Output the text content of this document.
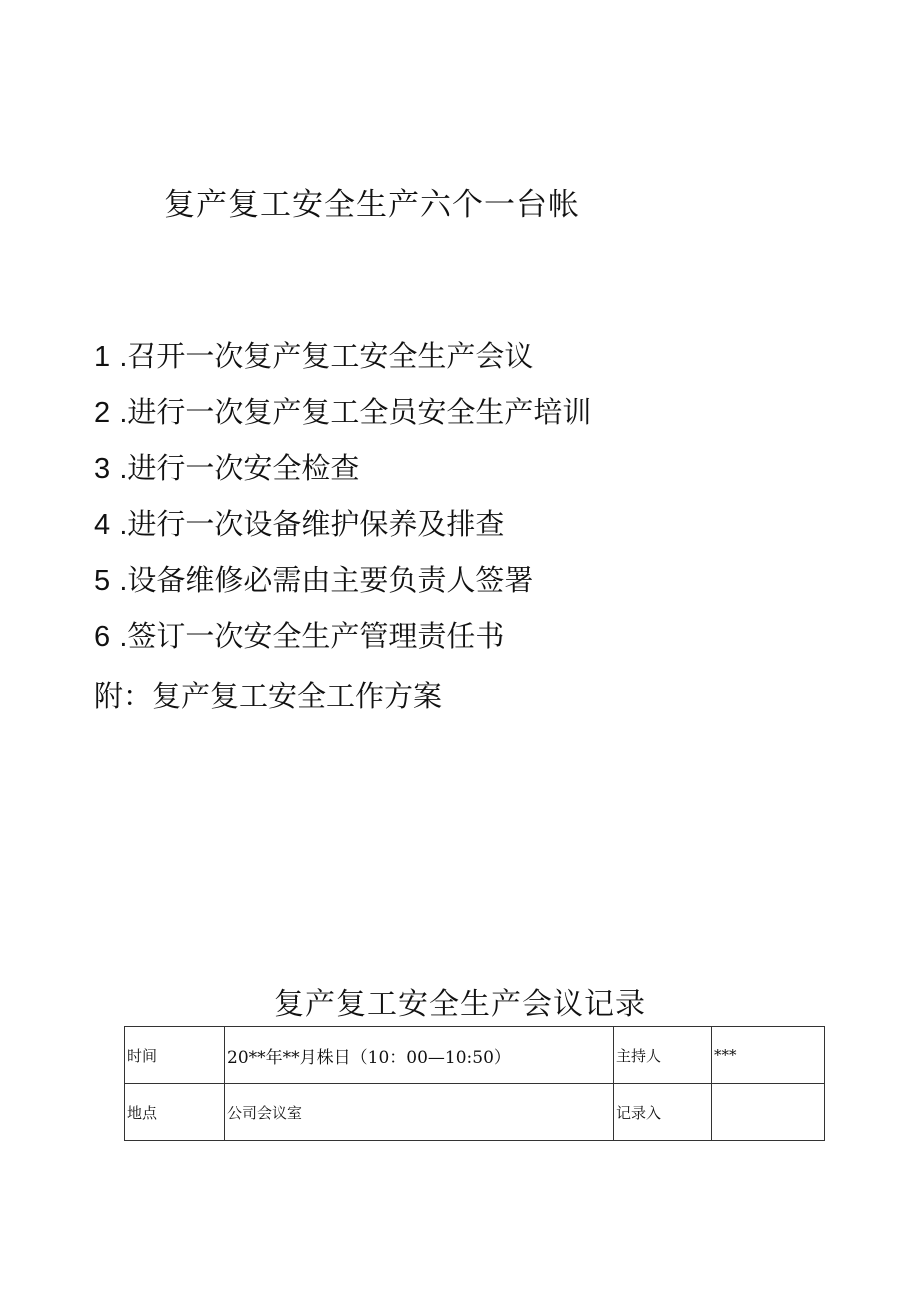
复产复工安全生产六个一台帐
1 .召开一次复产复工安全生产会议
2 .进行一次复产复工全员安全生产培训
3 .进行一次安全检查
4 .进行一次设备维护保养及排查
5 .设备维修必需由主要负责人签署
6 .签订一次安全生产管理责任书
附：复产复工安全工作方案
复产复工安全生产会议记录
时间	20**年**月株日（10：00—10:50）	主持人	***
地点	公司会议室	记录入	
